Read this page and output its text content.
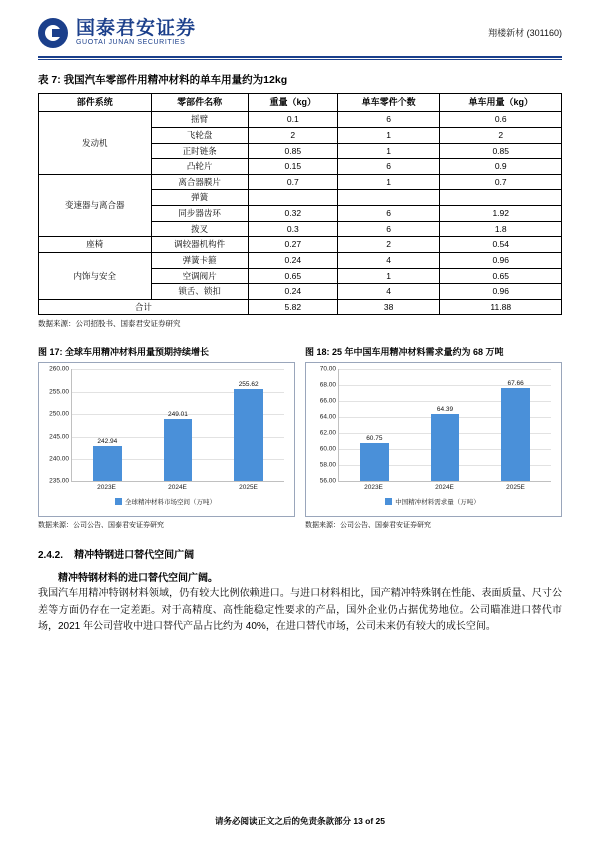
国泰君安证券
GUOTAI JUNAN SECURITIES
翔楼新材 (301160)
表 7: 我国汽车零部件用精冲材料的单车用量约为12kg
部件系统	零部件名称	重量（kg）	单车零件个数	单车用量（kg）
发动机	摇臂	0.1	6	0.6
	飞轮盘	2	1	2
	正时链条	0.85	1	0.85
	凸轮片	0.15	6	0.9
变速器与离合器	离合器膜片	0.7	1	0.7
	弹簧			
	同步器齿环	0.32	6	1.92
	拨叉	0.3	6	1.8
座椅	调较器机构件	0.27	2	0.54
内饰与安全	弹簧卡箍	0.24	4	0.96
	空调阀片	0.65	1	0.65
	锁舌、锁扣	0.24	4	0.96
合计		5.82	38	11.88
数据来源：公司招股书、国泰君安证券研究
图 17: 全球车用精冲材料用量预期持续增长
260.00
255.00
250.00
245.00
240.00
235.00
242.94
249.01
255.62
2023E	2024E	2025E
全球精冲材料市场空间（万吨）
数据来源：公司公告、国泰君安证券研究
图 18: 25 年中国车用精冲材料需求量约为 68 万吨
70.00
68.00
66.00
64.00
62.00
60.00
58.00
56.00
60.75
64.39
67.66
2023E	2024E	2025E
中国精冲材料需求量（万吨）
数据来源：公司公告、国泰君安证券研究
2.4.2. 精冲特钢进口替代空间广阔
精冲特钢材料的进口替代空间广阔。
我国汽车用精冲特钢材料领域，仍有较大比例依赖进口。与进口材料相比，国产精冲特殊钢在性能、表面质量、尺寸公差等方面仍存在一定差距。对于高精度、高性能稳定性要求的产品，国外企业仍占据优势地位。公司瞄准进口替代市场，2021 年公司营收中进口替代产品占比约为 40%，在进口替代市场，公司未来仍有较大的成长空间。
请务必阅读正文之后的免责条款部分 13 of 25
